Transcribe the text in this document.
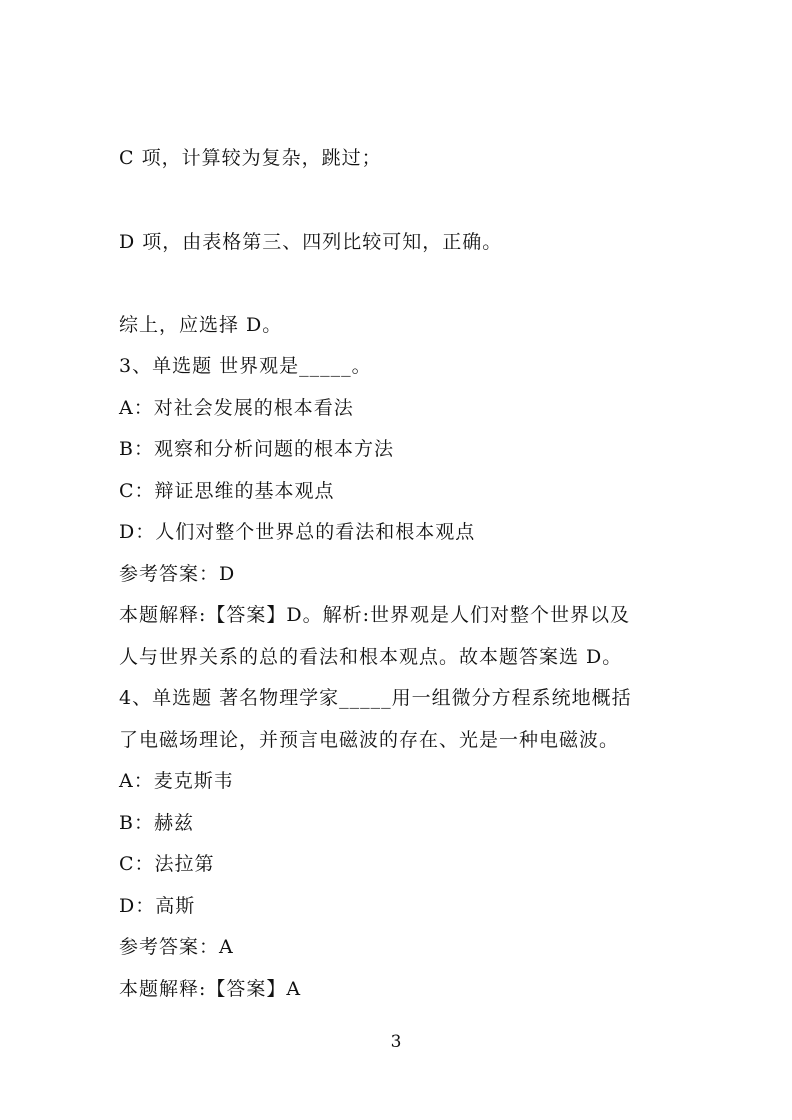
C 项，计算较为复杂，跳过；
D 项，由表格第三、四列比较可知，正确。
综上，应选择 D。
3、单选题 世界观是_____。
A：对社会发展的根本看法
B：观察和分析问题的根本方法
C：辩证思维的基本观点
D：人们对整个世界总的看法和根本观点
参考答案：D
本题解释:【答案】D。解析:世界观是人们对整个世界以及
人与世界关系的总的看法和根本观点。故本题答案选 D。
4、单选题 著名物理学家_____用一组微分方程系统地概括
了电磁场理论，并预言电磁波的存在、光是一种电磁波。
A：麦克斯韦
B：赫兹
C：法拉第
D：高斯
参考答案：A
本题解释:【答案】A
3
